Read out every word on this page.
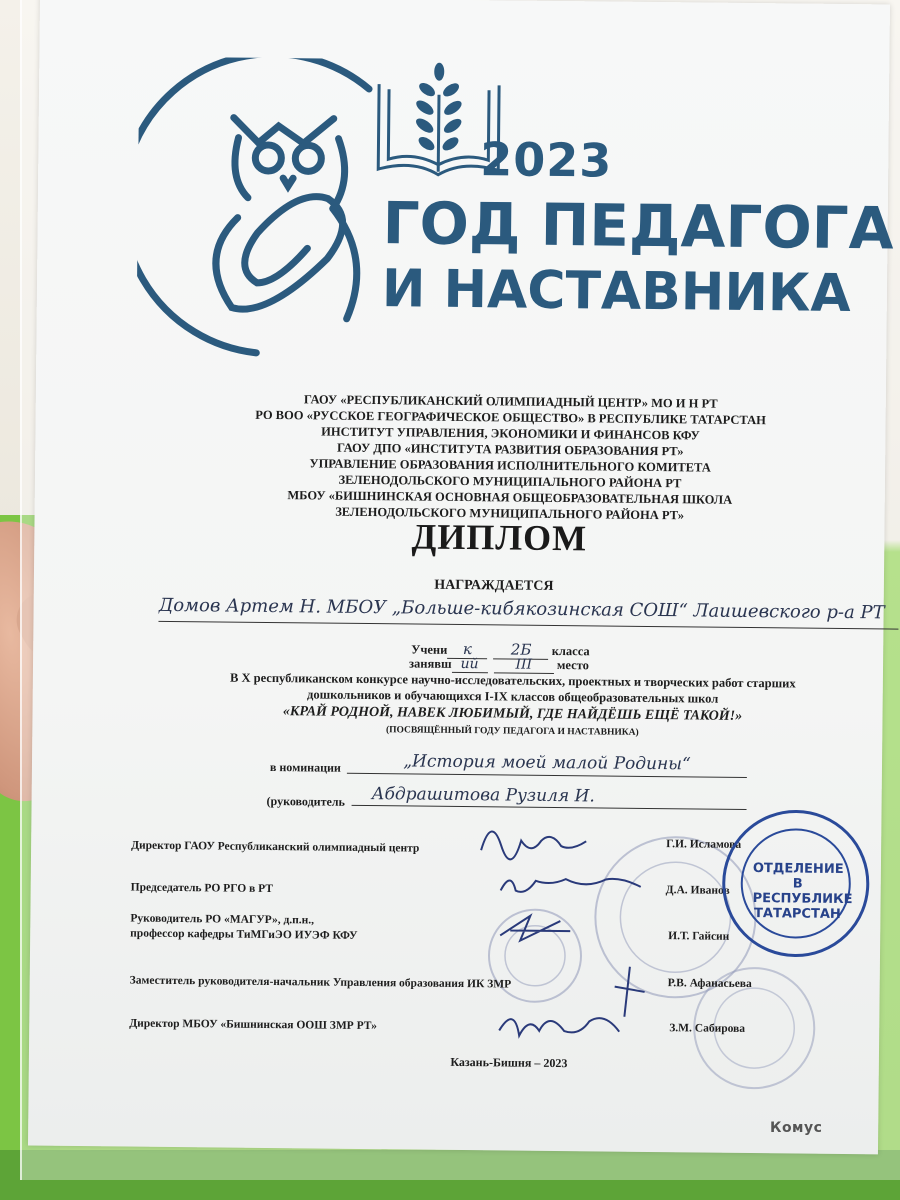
2023
ГОД ПЕДАГОГА
И НАСТАВНИКА
ГАОУ «РЕСПУБЛИКАНСКИЙ ОЛИМПИАДНЫЙ ЦЕНТР» МО И Н РТ
РО ВОО «РУССКОЕ ГЕОГРАФИЧЕСКОЕ ОБЩЕСТВО» В РЕСПУБЛИКЕ ТАТАРСТАН
ИНСТИТУТ УПРАВЛЕНИЯ, ЭКОНОМИКИ И ФИНАНСОВ КФУ
ГАОУ ДПО «ИНСТИТУТА РАЗВИТИЯ ОБРАЗОВАНИЯ РТ»
УПРАВЛЕНИЕ ОБРАЗОВАНИЯ ИСПОЛНИТЕЛЬНОГО КОМИТЕТА
ЗЕЛЕНОДОЛЬСКОГО МУНИЦИПАЛЬНОГО РАЙОНА РТ
МБОУ «БИШНИНСКАЯ ОСНОВНАЯ ОБЩЕОБРАЗОВАТЕЛЬНАЯ ШКОЛА
ЗЕЛЕНОДОЛЬСКОГО МУНИЦИПАЛЬНОГО РАЙОНА РТ»
ДИПЛОМ
НАГРАЖДАЕТСЯ
Домов Артем Н. МБОУ „Больше-кибякозинская СОШ“ Лаишевского р-а РТ
Учени к	2Б класса
занявш ий	III место
В X республиканском конкурсе научно-исследовательских, проектных и творческих работ старших
дошкольников и обучающихся I-IX классов общеобразовательных школ
«КРАЙ РОДНОЙ, НАВЕК ЛЮБИМЫЙ, ГДЕ НАЙДЁШЬ ЕЩЁ ТАКОЙ!»
(ПОСВЯЩЁННЫЙ ГОДУ ПЕДАГОГА И НАСТАВНИКА)
в номинации	„История моей малой Родины“
(руководитель	Абдрашитова Рузиля И.
Директор ГАОУ Республиканский олимпиадный центр	Г.И. Исламова
Председатель РО РГО в РТ	Д.А. Иванов
Руководитель РО «МАГУР», д.п.н.,
профессор кафедры ТиМГиЭО ИУЭФ КФУ	И.Т. Гайсин
Заместитель руководителя-начальник Управления образования ИК ЗМР	Р.В. Афанасьева
Директор МБОУ «Бишнинская ООШ ЗМР РТ»	З.М. Сабирова
ОТДЕЛЕНИЕ
В РЕСПУБЛИКЕ
ТАТАРСТАН
Казань-Бишня – 2023
Комус
